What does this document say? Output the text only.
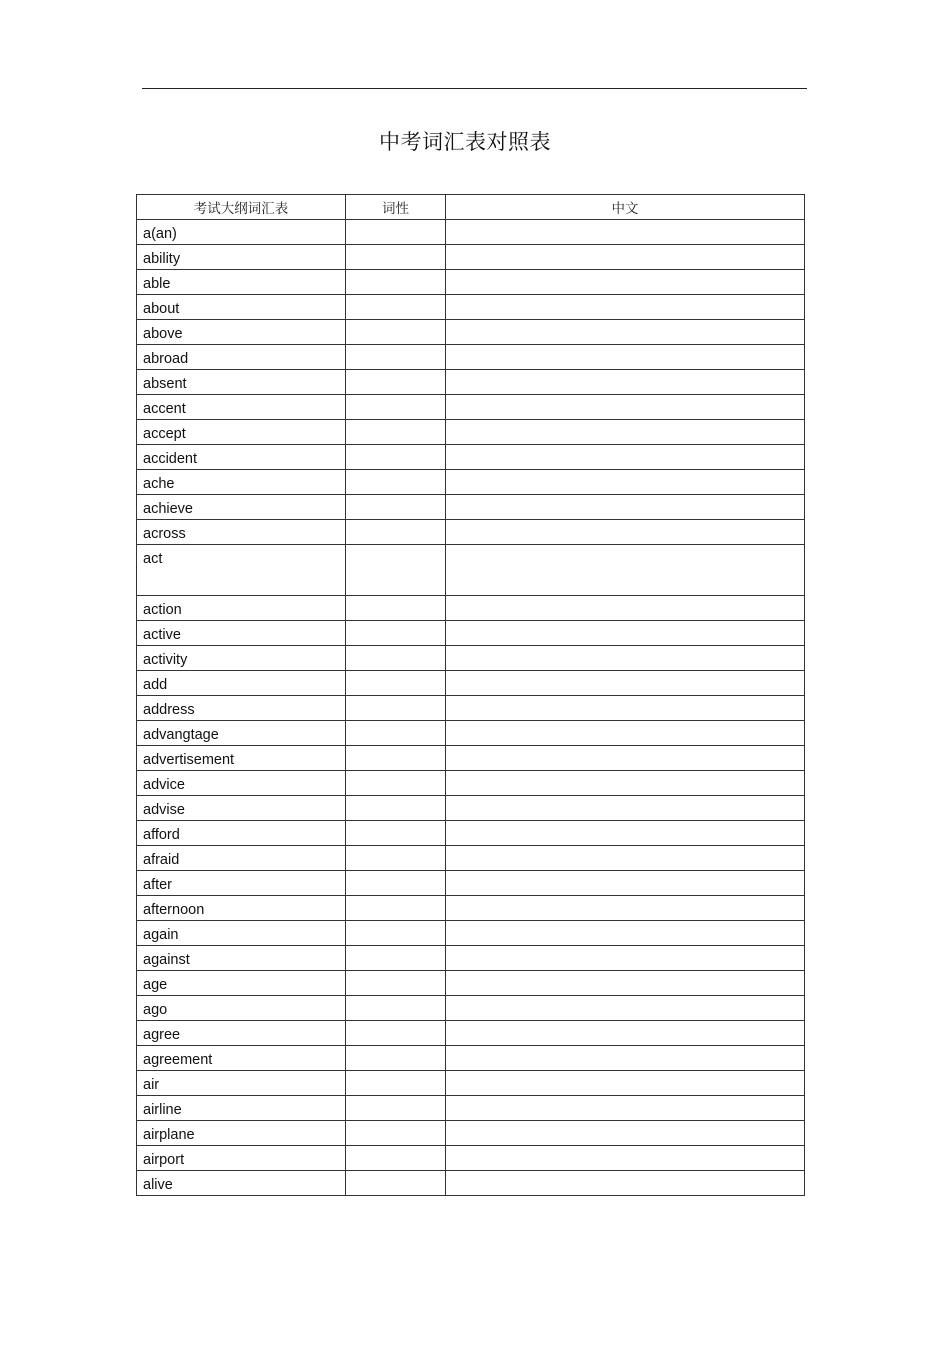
中考词汇表对照表
考试大纲词汇表	词性	中文
a(an)		
ability		
able		
about		
above		
abroad		
absent		
accent		
accept		
accident		
ache		
achieve		
across		
act		
action		
active		
activity		
add		
address		
advangtage		
advertisement		
advice		
advise		
afford		
afraid		
after		
afternoon		
again		
against		
age		
ago		
agree		
agreement		
air		
airline		
airplane		
airport		
alive		
